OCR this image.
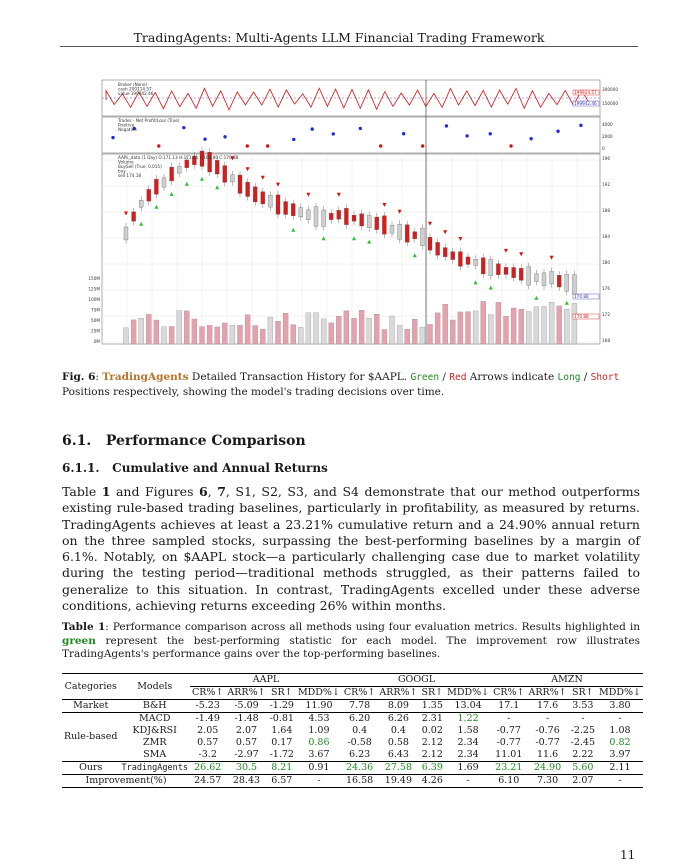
TradingAgents: Multi-Agents LLM Financial Trading Framework
Broker (None)
cash 200114.57
value 199942.46
Trades - Net Profit/Loss (True)
Positive
Negative
AAPL_data (1 Day) O:171.13 H:171.61 L:168.80 C:170.88
Volume
BuySell (True, 0.015)
buy
sell 174.18
300000
150000
4000
2000
0
196
192
188
184
180
176
172
168
150M
125M
100M
75M
50M
25M
0M
199924.57
199942.46
170.88
170.88
Fig. 6: TradingAgents Detailed Transaction History for $AAPL. Green / Red Arrows indicate Long / Short Positions respectively, showing the model's trading decisions over time.
6.1. Performance Comparison
6.1.1. Cumulative and Annual Returns
Table 1 and Figures 6, 7, S1, S2, S3, and S4 demonstrate that our method outperforms existing rule-based trading baselines, particularly in profitability, as measured by returns. TradingAgents achieves at least a 23.21% cumulative return and a 24.90% annual return on the three sampled stocks, surpassing the best-performing baselines by a margin of 6.1%. Notably, on $AAPL stock—a particularly challenging case due to market volatility during the testing period—traditional methods struggled, as their patterns failed to generalize to this situation. In contrast, TradingAgents excelled under these adverse conditions, achieving returns exceeding 26% within months.
Table 1: Performance comparison across all methods using four evaluation metrics. Results highlighted in green represent the best-performing statistic for each model. The improvement row illustrates TradingAgents's performance gains over the top-performing baselines.
Categories	Models	AAPL				GOOGL				AMZN			
		CR%↑	ARR%↑	SR↑	MDD%↓	CR%↑	ARR%↑	SR↑	MDD%↓	CR%↑	ARR%↑	SR↑	MDD%↓
Market	B&H	-5.23	-5.09	-1.29	11.90	7.78	8.09	1.35	13.04	17.1	17.6	3.53	3.80
Rule-based	MACD	-1.49	-1.48	-0.81	4.53	6.20	6.26	2.31	1.22	-	-	-	-
	KDJ&RSI	2.05	2.07	1.64	1.09	0.4	0.4	0.02	1.58	-0.77	-0.76	-2.25	1.08
	ZMR	0.57	0.57	0.17	0.86	-0.58	0.58	2.12	2.34	-0.77	-0.77	-2.45	0.82
	SMA	-3.2	-2.97	-1.72	3.67	6.23	6.43	2.12	2.34	11.01	11.6	2.22	3.97
Ours	TradingAgents	26.62	30.5	8.21	0.91	24.36	27.58	6.39	1.69	23.21	24.90	5.60	2.11
Improvement(%)		24.57	28.43	6.57	-	16.58	19.49	4.26	-	6.10	7.30	2.07	-
11
